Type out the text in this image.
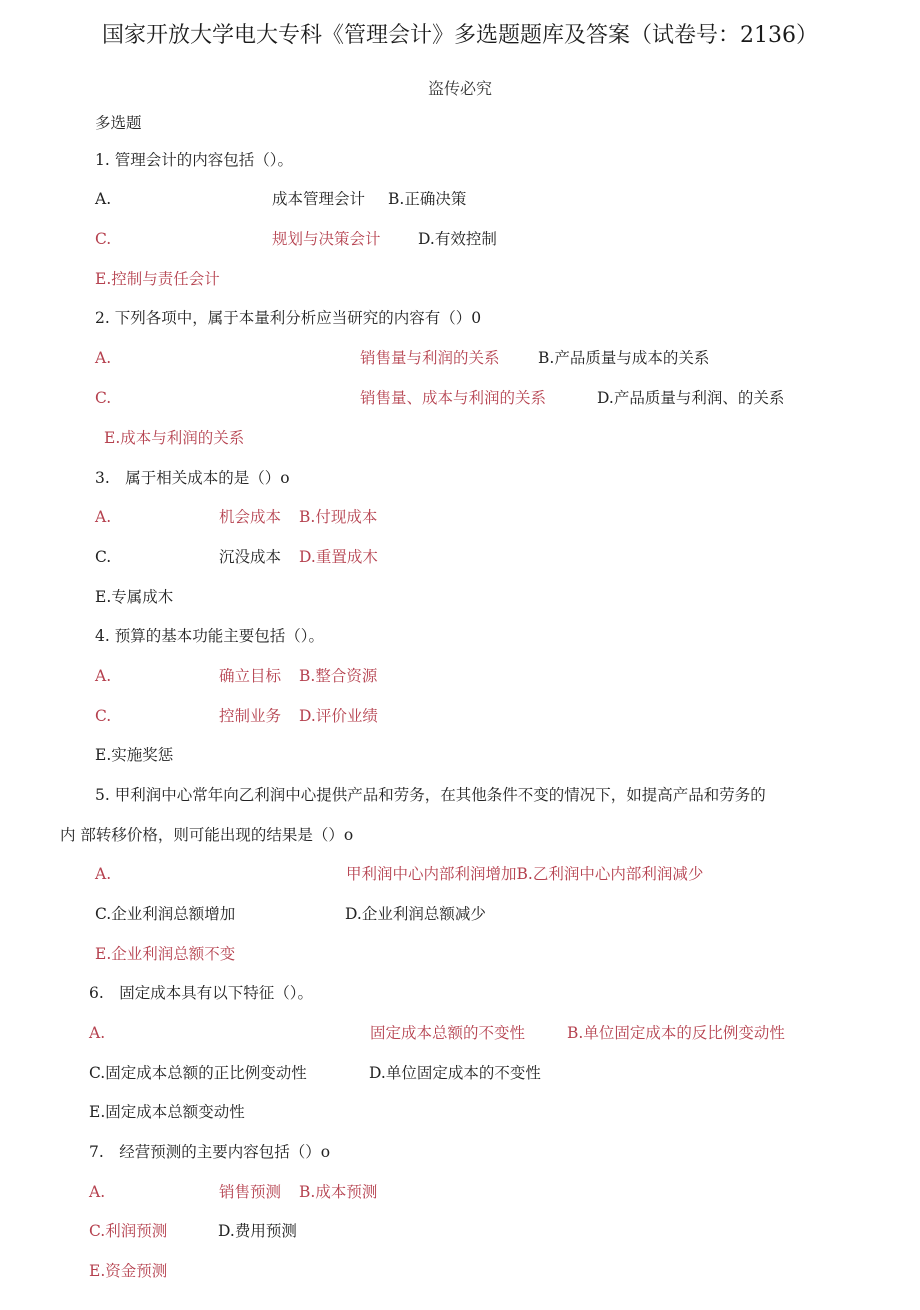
国家开放大学电大专科《管理会计》多选题题库及答案（试卷号：2136）
盗传必究
多选题
1. 管理会计的内容包括（）。
A.	成本管理会计 B.正确决策
C.	规划与决策会计 D.有效控制
E.控制与责任会计
2. 下列各项中，属于本量利分析应当研究的内容有（）0
A.	销售量与利润的关系 B.产品质量与成本的关系
C.	销售量、成本与利润的关系	D.产品质量与利润、的关系
E.成本与利润的关系
3.　属于相关成本的是（）o
A.	机会成本 B.付现成本
C.	沉没成本 D.重置成木
E.专属成木
4. 预算的基本功能主要包括（）。
A.	确立目标 B.整合资源
C.	控制业务 D.评价业绩
E.实施奖惩
5. 甲利润中心常年向乙利润中心提供产品和劳务，在其他条件不变的情况下，如提高产品和劳务的
内 部转移价格，则可能出现的结果是（）o
A.	甲利润中心内部利润增加B.乙利润中心内部利润减少
C.企业利润总额增加	D.企业利润总额减少
E.企业利润总额不变
6.　固定成本具有以下特征（）。
A.	固定成本总额的不变性	B.单位固定成本的反比例变动性
C.固定成本总额的正比例变动性	D.单位固定成本的不变性
E.固定成本总额变动性
7.　经营预测的主要内容包括（）o
A.	销售预测 B.成本预测
C.利润预测	D.费用预测
E.资金预测
